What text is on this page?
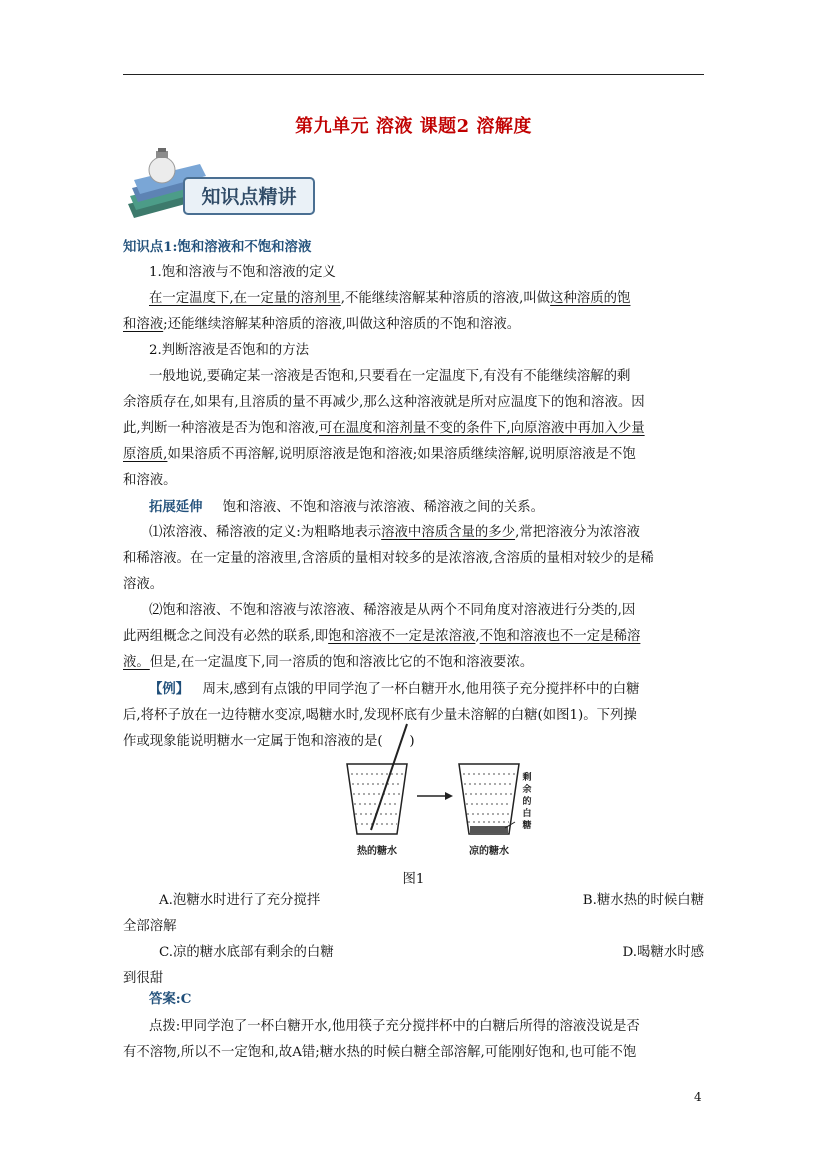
第九单元 溶液 课题2 溶解度
知识点精讲
知识点1:饱和溶液和不饱和溶液
1.饱和溶液与不饱和溶液的定义
在一定温度下,在一定量的溶剂里,不能继续溶解某种溶质的溶液,叫做这种溶质的饱
和溶液;还能继续溶解某种溶质的溶液,叫做这种溶质的不饱和溶液。
2.判断溶液是否饱和的方法
一般地说,要确定某一溶液是否饱和,只要看在一定温度下,有没有不能继续溶解的剩
余溶质存在,如果有,且溶质的量不再减少,那么这种溶液就是所对应温度下的饱和溶液。因
此,判断一种溶液是否为饱和溶液,可在温度和溶剂量不变的条件下,向原溶液中再加入少量
原溶质,如果溶质不再溶解,说明原溶液是饱和溶液;如果溶质继续溶解,说明原溶液是不饱
和溶液。
拓展延伸   饱和溶液、不饱和溶液与浓溶液、稀溶液之间的关系。
⑴浓溶液、稀溶液的定义:为粗略地表示溶液中溶质含量的多少,常把溶液分为浓溶液
和稀溶液。在一定量的溶液里,含溶质的量相对较多的是浓溶液,含溶质的量相对较少的是稀
溶液。
⑵饱和溶液、不饱和溶液与浓溶液、稀溶液是从两个不同角度对溶液进行分类的,因
此两组概念之间没有必然的联系,即饱和溶液不一定是浓溶液,不饱和溶液也不一定是稀溶
液。但是,在一定温度下,同一溶质的饱和溶液比它的不饱和溶液要浓。
【例】  周末,感到有点饿的甲同学泡了一杯白糖开水,他用筷子充分搅拌杯中的白糖
后,将杯子放在一边待糖水变凉,喝糖水时,发现杯底有少量未溶解的白糖(如图1)。下列操
作或现象能说明糖水一定属于饱和溶液的是(　　)
热的糖水	凉的糖水
剩
余
的
白
糖
图1
A.泡糖水时进行了充分搅拌	B.糖水热的时候白糖
全部溶解
C.凉的糖水底部有剩余的白糖	D.喝糖水时感
到很甜
答案:C
点拨:甲同学泡了一杯白糖开水,他用筷子充分搅拌杯中的白糖后所得的溶液没说是否
有不溶物,所以不一定饱和,故A错;糖水热的时候白糖全部溶解,可能刚好饱和,也可能不饱
4
